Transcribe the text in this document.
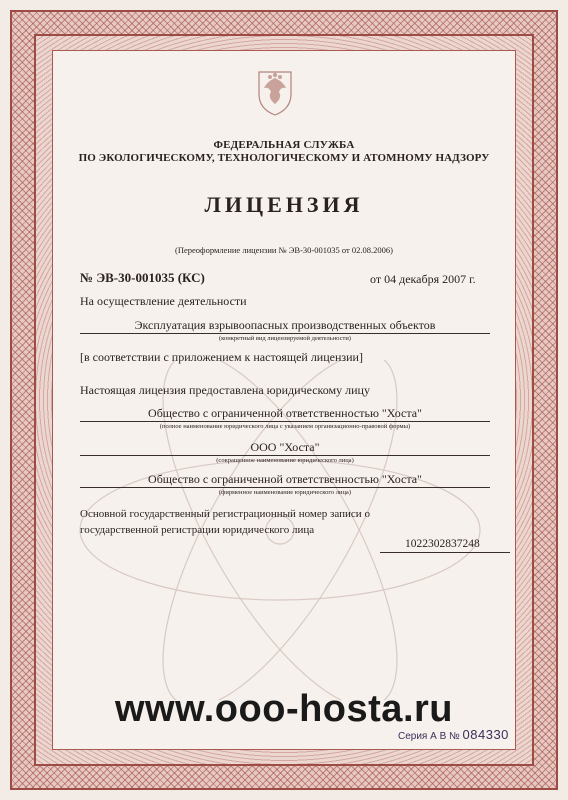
ФЕДЕРАЛЬНАЯ СЛУЖБА
ПО ЭКОЛОГИЧЕСКОМУ, ТЕХНОЛОГИЧЕСКОМУ И АТОМНОМУ НАДЗОРУ
ЛИЦЕНЗИЯ
(Переоформление лицензии № ЭВ-30-001035 от 02.08.2006)
№ ЭВ-30-001035 (КС)	от 04 декабря 2007 г.
На осуществление деятельности
Эксплуатация взрывоопасных производственных объектов
(конкретный вид лицензируемой деятельности)
[в соответствии с приложением к настоящей лицензии]
Настоящая лицензия предоставлена юридическому лицу
Общество с ограниченной ответственностью "Хоста"
(полное наименование юридического лица с указанием организационно-правовой формы)
ООО "Хоста"
(сокращенное наименование юридического лица)
Общество с ограниченной ответственностью "Хоста"
(фирменное наименование юридического лица)
Основной государственный регистрационный номер записи о государственной регистрации юридического лица
1022302837248
www.ooo-hosta.ru
Серия А В № 084330
